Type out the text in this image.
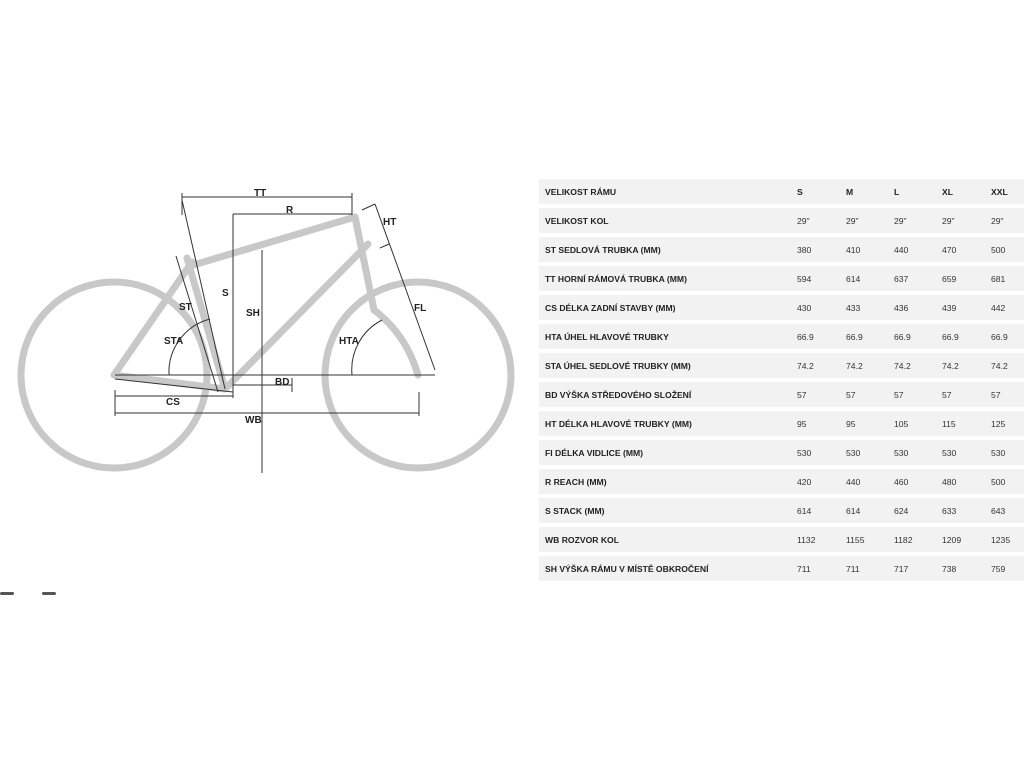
TT
R
HT
S
SH
ST
STA	HTA
FL
BD
CS
WB
VELIKOST RÁMU	S	M	L	XL	XXL
VELIKOST KOL	29"	29"	29"	29"	29"
ST SEDLOVÁ TRUBKA (MM)	380	410	440	470	500
TT HORNÍ RÁMOVÁ TRUBKA (MM)	594	614	637	659	681
CS DÉLKA ZADNÍ STAVBY (MM)	430	433	436	439	442
HTA ÚHEL HLAVOVÉ TRUBKY	66.9	66.9	66.9	66.9	66.9
STA ÚHEL SEDLOVÉ TRUBKY (MM)	74.2	74.2	74.2	74.2	74.2
BD VÝŠKA STŘEDOVÉHO SLOŽENÍ	57	57	57	57	57
HT DÉLKA HLAVOVÉ TRUBKY (MM)	95	95	105	115	125
FI DÉLKA VIDLICE (MM)	530	530	530	530	530
R REACH (MM)	420	440	460	480	500
S STACK (MM)	614	614	624	633	643
WB ROZVOR KOL	1132	1155	1182	1209	1235
SH VÝŠKA RÁMU V MÍSTĚ OBKROČENÍ	711	711	717	738	759
